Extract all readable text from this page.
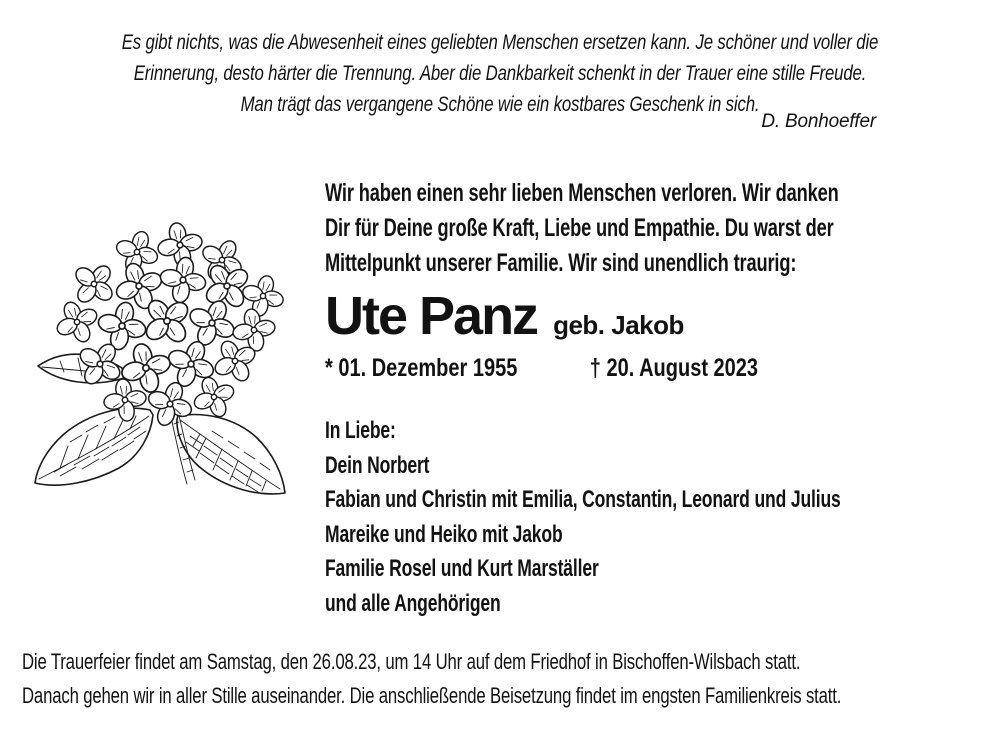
Es gibt nichts, was die Abwesenheit eines geliebten Menschen ersetzen kann. Je schöner und voller die
Erinnerung, desto härter die Trennung. Aber die Dankbarkeit schenkt in der Trauer eine stille Freude.
Man trägt das vergangene Schöne wie ein kostbares Geschenk in sich.
D. Bonhoeffer
Wir haben einen sehr lieben Menschen verloren. Wir danken
Dir für Deine große Kraft, Liebe und Empathie. Du warst der
Mittelpunkt unserer Familie. Wir sind unendlich traurig:
Ute Panz geb. Jakob
* 01. Dezember 1955	† 20. August 2023
In Liebe:
Dein Norbert
Fabian und Christin mit Emilia, Constantin, Leonard und Julius
Mareike und Heiko mit Jakob
Familie Rosel und Kurt Marställer
und alle Angehörigen
Die Trauerfeier findet am Samstag, den 26.08.23, um 14 Uhr auf dem Friedhof in Bischoffen-Wilsbach statt.
Danach gehen wir in aller Stille auseinander. Die anschließende Beisetzung findet im engsten Familienkreis statt.
